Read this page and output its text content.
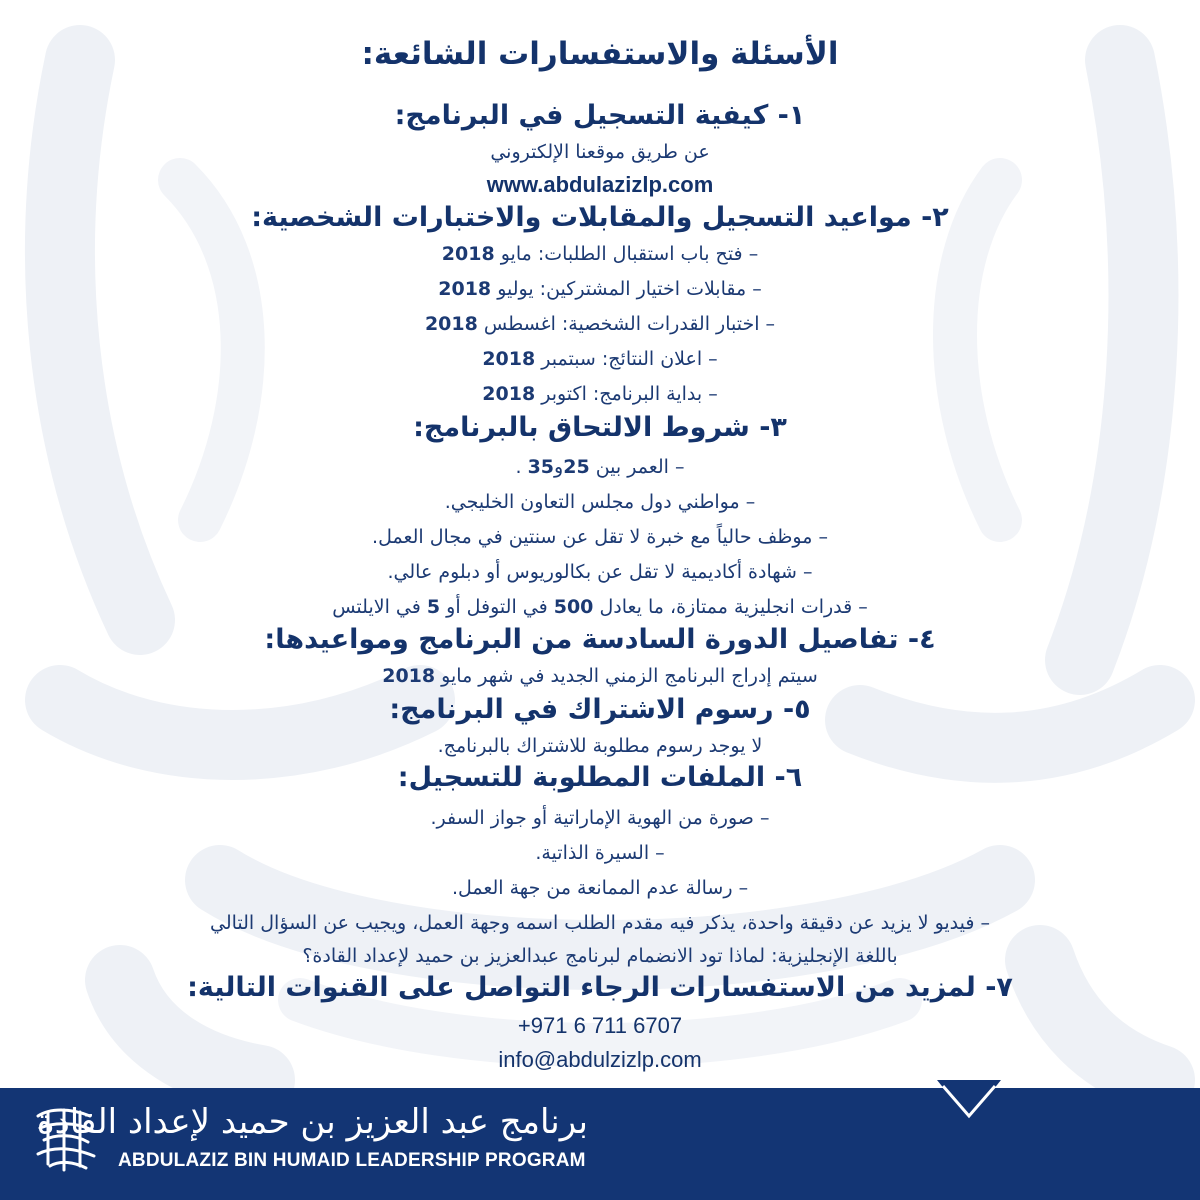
الأسئلة والاستفسارات الشائعة:
١- كيفية التسجيل في البرنامج:
عن طريق موقعنا الإلكتروني
www.abdulazizlp.com
٢- مواعيد التسجيل والمقابلات والاختبارات الشخصية:
– فتح باب استقبال الطلبات: مايو 2018
– مقابلات اختيار المشتركين: يوليو 2018
– اختبار القدرات الشخصية: اغسطس 2018
– اعلان النتائج: سبتمبر 2018
– بداية البرنامج: اكتوبر 2018
٣- شروط الالتحاق بالبرنامج:
– العمر بين 25و35 .
– مواطني دول مجلس التعاون الخليجي.
– موظف حالياً مع خبرة لا تقل عن سنتين في مجال العمل.
– شهادة أكاديمية لا تقل عن بكالوريوس أو دبلوم عالي.
– قدرات انجليزية ممتازة، ما يعادل 500 في التوفل أو 5 في الايلتس
٤- تفاصيل الدورة السادسة من البرنامج ومواعيدها:
سيتم إدراج البرنامج الزمني الجديد في شهر مايو 2018
٥- رسوم الاشتراك في البرنامج:
لا يوجد رسوم مطلوبة للاشتراك بالبرنامج.
٦- الملفات المطلوبة للتسجيل:
– صورة من الهوية الإماراتية أو جواز السفر.
– السيرة الذاتية.
– رسالة عدم الممانعة من جهة العمل.
– فيديو لا يزيد عن دقيقة واحدة، يذكر فيه مقدم الطلب اسمه وجهة العمل، ويجيب عن السؤال التالي
باللغة الإنجليزية: لماذا تود الانضمام لبرنامج عبدالعزيز بن حميد لإعداد القادة؟
٧- لمزيد من الاستفسارات الرجاء التواصل على القنوات التالية:
+971 6 711 6707
info@abdulzizlp.com
برنامج عبد العزيز بن حميد لإعداد القادة
ABDULAZIZ BIN HUMAID LEADERSHIP PROGRAM
